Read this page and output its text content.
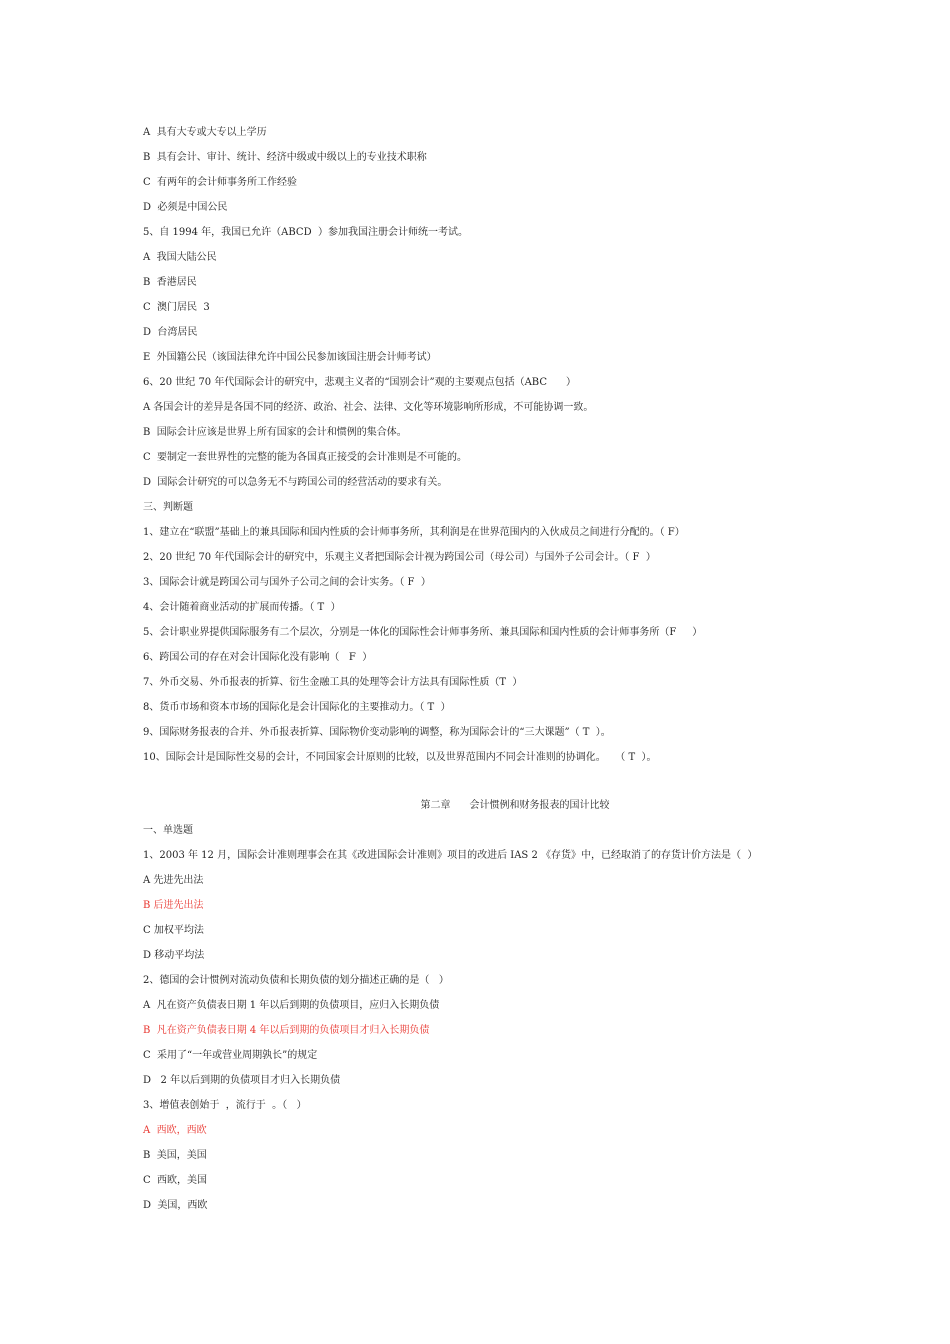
A  具有大专或大专以上学历
B  具有会计、审计、统计、经济中级或中级以上的专业技术职称
C  有两年的会计师事务所工作经验
D  必须是中国公民
5、自 1994 年，我国已允许（ABCD  ）参加我国注册会计师统一考试。
A  我国大陆公民
B  香港居民
C  澳门居民  3
D  台湾居民
E  外国籍公民（该国法律允许中国公民参加该国注册会计师考试）
6、20 世纪 70 年代国际会计的研究中，悲观主义者的“国别会计”观的主要观点包括（ABC      ）
A 各国会计的差异是各国不同的经济、政治、社会、法律、文化等环境影响所形成，不可能协调一致。
B  国际会计应该是世界上所有国家的会计和惯例的集合体。
C  要制定一套世界性的完整的能为各国真正接受的会计准则是不可能的。
D  国际会计研究的可以急务无不与跨国公司的经营活动的要求有关。
三、判断题
1、建立在“联盟”基础上的兼具国际和国内性质的会计师事务所，其利润是在世界范围内的入伙成员之间进行分配的。（ F）
2、20 世纪 70 年代国际会计的研究中，乐观主义者把国际会计视为跨国公司（母公司）与国外子公司会计。（ F  ）
3、国际会计就是跨国公司与国外子公司之间的会计实务。（ F  ）
4、会计随着商业活动的扩展而传播。（ T  ）
5、会计职业界提供国际服务有二个层次，分别是一体化的国际性会计师事务所、兼具国际和国内性质的会计师事务所（F     ）
6、跨国公司的存在对会计国际化没有影响（   F  ）
7、外币交易、外币报表的折算、衍生金融工具的处理等会计方法具有国际性质（T  ）
8、货币市场和资本市场的国际化是会计国际化的主要推动力。（ T  ）
9、国际财务报表的合并、外币报表折算、国际物价变动影响的调整，称为国际会计的“三大课题”（ T  ）。
10、国际会计是国际性交易的会计，不同国家会计原则的比较，以及世界范围内不同会计准则的协调化。   （ T  ）。
第二章      会计惯例和财务报表的国计比较
一、单选题
1、2003 年 12 月，国际会计准则理事会在其《改进国际会计准则》项目的改进后 IAS 2 《存货》中，已经取消了的存货计价方法是（  ）
A 先进先出法
B 后进先出法
C 加权平均法
D 移动平均法
2、德国的会计惯例对流动负债和长期负债的划分描述正确的是（   ）
A  凡在资产负债表日期 1 年以后到期的负债项目，应归入长期负债
B  凡在资产负债表日期 4 年以后到期的负债项目才归入长期负债
C  采用了“一年或营业周期孰长”的规定
D   2 年以后到期的负债项目才归入长期负债
3、增值表创始于  ，流行于  。（   ）
A  西欧，西欧
B  美国，美国
C  西欧，美国
D  美国，西欧
